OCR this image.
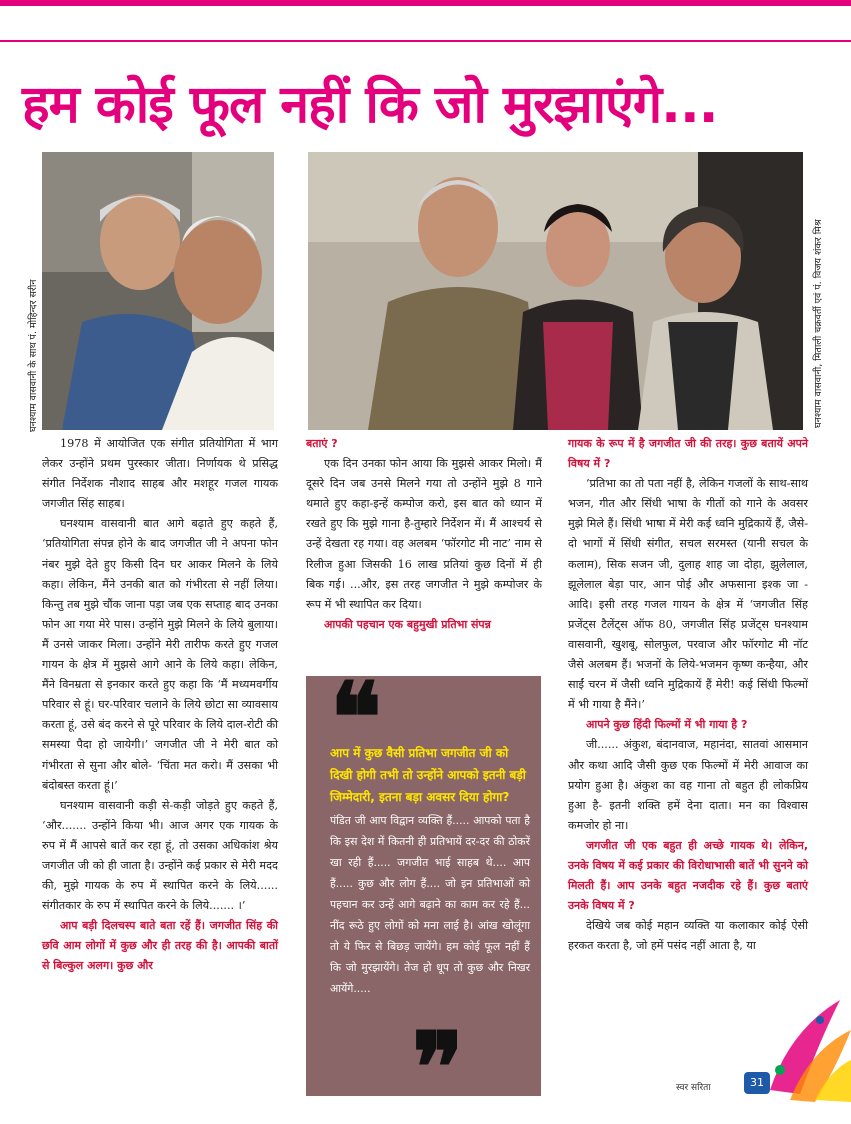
हम कोई फूल नहीं कि जो मुरझाएंगे...
घनश्याम वासवानी के साथ पं. मोहिन्दर सरीन	घनश्याम वासवानी, मिताली चक्रवर्ती एवं पं. विजय शंकर मिश्र

1978 में आयोजित एक संगीत प्रतियोगिता में भाग लेकर उन्होंने प्रथम पुरस्कार जीता। निर्णायक थे प्रसिद्ध संगीत निर्देशक नौशाद साहब और मशहूर गजल गायक जगजीत सिंह साहब।

घनश्याम वासवानी बात आगे बढ़ाते हुए कहते हैं, ‘प्रतियोगिता संपन्न होने के बाद जगजीत जी ने अपना फोन नंबर मुझे देते हुए किसी दिन घर आकर मिलने के लिये कहा। लेकिन, मैंने उनकी बात को गंभीरता से नहीं लिया। किन्तु तब मुझे चौंक जाना पड़ा जब एक सप्ताह बाद उनका फोन आ गया मेरे पास। उन्होंने मुझे मिलने के लिये बुलाया। मैं उनसे जाकर मिला। उन्होंने मेरी तारीफ करते हुए गजल गायन के क्षेत्र में मुझसे आगे आने के लिये कहा। लेकिन, मैंने विनम्रता से इनकार करते हुए कहा कि ‘मैं मध्यमवर्गीय परिवार से हूं। घर-परिवार चलाने के लिये छोटा सा व्यावसाय करता हूं, उसे बंद करने से पूरे परिवार के लिये दाल-रोटी की समस्या पैदा हो जायेगी।’ जगजीत जी ने मेरी बात को गंभीरता से सुना और बोले- ‘चिंता मत करो। मैं उसका भी बंदोबस्त करता हूं।’

घनश्याम वासवानी कड़ी से-कड़ी जोड़ते हुए कहते हैं, ‘और....... उन्होंने किया भी। आज अगर एक गायक के रुप में मैं आपसे बातें कर रहा हूं, तो उसका अधिकांश श्रेय जगजीत जी को ही जाता है। उन्होंने कई प्रकार से मेरी मदद की, मुझे गायक के रुप में स्थापित करने के लिये...... संगीतकार के रुप में स्थापित करने के लिये....... ।’

आप बड़ी दिलचस्प बाते बता रहें हैं। जगजीत सिंह की छवि आम लोगों में कुछ और ही तरह की है। आपकी बातों से बिल्कुल अलग। कुछ और

बताएं ?

एक दिन उनका फोन आया कि मुझसे आकर मिलो। मैं दूसरे दिन जब उनसे मिलने गया तो उन्होंने मुझे 8 गाने थमाते हुए कहा-इन्हें कम्पोज करो, इस बात को ध्यान में रखते हुए कि मुझे गाना है-तुम्हारे निर्देशन में। मैं आश्चर्य से उन्हें देखता रह गया। वह अलबम ‘फॉरगोट मी नाट’ नाम से रिलीज हुआ जिसकी 16 लाख प्रतियां कुछ दिनों में ही बिक गई। ...और, इस तरह जगजीत ने मुझे कम्पोजर के रूप में भी स्थापित कर दिया।

आपकी पहचान एक बहुमुखी प्रतिभा संपन्न

❝
आप में कुछ वैसी प्रतिभा जगजीत जी को दिखी होगी तभी तो उन्होंने आपको इतनी बड़ी जिम्मेदारी, इतना बड़ा अवसर दिया होगा?
पंडित जी आप विद्वान व्यक्ति हैं..... आपको पता है कि इस देश में कितनी ही प्रतिभायें दर-दर की ठोकरें खा रही हैं..... जगजीत भाई साहब थे.... आप हैं..... कुछ और लोग हैं.... जो इन प्रतिभाओं को पहचान कर उन्हें आगे बढ़ाने का काम कर रहे हैं... नींद रूठे हुए लोगों को मना लाई है। आंख खोलूंगा तो ये फिर से बिछड़ जायेंगे। हम कोई फूल नहीं हैं कि जो मुरझायेंगे। तेज हो धूप तो कुछ और निखर आयेंगे.....
❞

गायक के रूप में है जगजीत जी की तरह। कुछ बतायें अपने विषय में ?

‘प्रतिभा का तो पता नहीं है, लेकिन गजलों के साथ-साथ भजन, गीत और सिंधी भाषा के गीतों को गाने के अवसर मुझे मिले हैं। सिंधी भाषा में मेरी कई ध्वनि मुद्रिकायें हैं, जैसे-दो भागों में सिंधी संगीत, सचल सरमस्त (यानी सचल के कलाम), सिक सजन जी, दुलाह शाह जा दोहा, झुलेलाल, झूलेलाल बेड़ा पार, आन पोई और अफसाना इश्क जा - आदि। इसी तरह गजल गायन के क्षेत्र में ‘जगजीत सिंह प्रजेंट्स टैलेंट्स ऑफ 80, जगजीत सिंह प्रजेंट्स घनश्याम वासवानी, खुशबू, सोलफुल, परवाज और फॉरगोट मी नॉट जैसे अलबम हैं। भजनों के लिये-भजमन कृष्ण कन्हैया, और साईं चरन में जैसी ध्वनि मुद्रिकायें हैं मेरी! कई सिंधी फिल्मों में भी गाया है मैंने।’

आपने कुछ हिंदी फिल्मों में भी गाया है ?

जी...... अंकुश, बंदानवाज, महानंदा, सातवां आसमान और कथा आदि जैसी कुछ एक फिल्मों में मेरी आवाज का प्रयोग हुआ है। अंकुश का वह गाना तो बहुत ही लोकप्रिय हुआ है- इतनी शक्ति हमें देना दाता। मन का विश्वास कमजोर हो ना।

जगजीत जी एक बहुत ही अच्छे गायक थे। लेकिन, उनके विषय में कई प्रकार की विरोधाभासी बातें भी सुनने को मिलती हैं। आप उनके बहुत नजदीक रहे हैं। कुछ बताएं उनके विषय में ?

देखिये जब कोई महान व्यक्ति या कलाकार कोई ऐसी हरकत करता है, जो हमें पसंद नहीं आता है, या

स्वर सरिता	31
